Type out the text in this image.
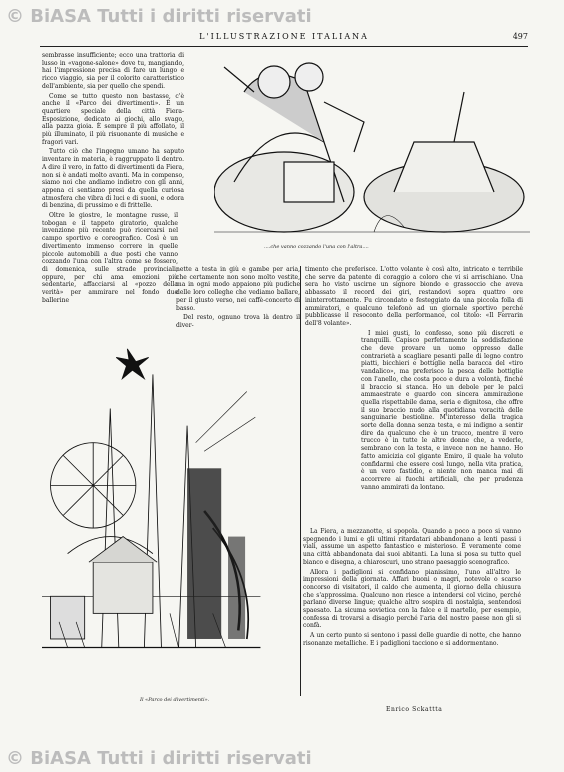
© BiASA Tutti i diritti riservati
© BiASA Tutti i diritti riservati
L'ILLUSTRAZIONE ITALIANA	497

sembrasse insufficiente; ecco una trattoria di lusso in «vagone-salone» dove tu, mangiando, hai l'impressione precisa di fare un lungo e ricco viaggio, sia per il colorito caratteristico dell'ambiente, sia per quello che spendi.

Come se tutto questo non bastasse, c'è anche il «Parco dei divertimenti». È un quartiere speciale della città Fiera-Esposizione, dedicato ai giochi, allo svago, alla pazza gioia. È sempre il più affollato, il più illuminato, il più risuonante di musiche e fragori vari.

Tutto ciò che l'ingegno umano ha saputo inventare in materia, è raggruppato lì dentro. A dire il vero, in fatto di divertimenti da Fiera, non si è andati molto avanti. Ma in compenso, siamo noi che andiamo indietro con gli anni, appena ci sentiamo presi da quella curiosa atmosfera che vibra di luci e di suoni, e odora di benzina, di prussimo e di frittelle.

Oltre le giostre, le montagne russe, il tobogan e il tappeto giratorio, qualche invenzione più recente può ricercarsi nel campo sportivo e coreografico. Così è un divertimento immenso correre in quelle piccole automobili a due posti che vanno cozzando l'una con l'altra come se fossero, di domenica, sulle strade provinciali; oppure, per chi ama emozioni più sedentarie, affacciarsi al «pozzo della verità» per ammirare nel fondo due ballerine

....che vanno cozzando l'una con l'altra....

nette a testa in giù e gambe per aria, che certamente non sono molto vestite, ma in ogni modo appaiono più pudiche delle loro colleghe che vediamo ballare, per il giusto verso, nei caffè-concerto di basso.

Del resto, ognuno trova là dentro il diver-

timento che preferisce. L'otto volante è così alto, intricato e terribile che serve da patente di coraggio a coloro che vi si arrischiano. Una sera ho visto uscirne un signore biondo e grassoccio che aveva abbassato il record dei giri, restandovi sopra quattro ore ininterrottamente. Fu circondato e festeggiato da una piccola folla di ammiratori, e qualcuno telefonò ad un giornale sportivo perché pubblicasse il resoconto della performance, col titolo: «Il Ferrarin dell'8 volante».

I miei gusti, lo confesso, sono più discreti e tranquilli. Capisco perfettamente la soddisfazione che deve provare un uomo oppresso dalle contrarietà a scagliare pesanti palle di legno contro piatti, bicchieri e bottiglie nella baracca del «tiro vandalico», ma preferisco la pesca delle bottiglie con l'anello, che costa poco e dura a volontà, finché il braccio si stanca. Ho un debole per le palci ammaestrate e guardo con sincera ammirazione quella rispettabile dama, seria e dignitosa, che offre il suo braccio nudo alla quotidiana voracità delle sanguinarie bestioline. M'interesso della tragica sorte della donna senza testa, e mi indigno a sentir dire da qualcuno che è un trucco, mentre il vero trucco è in tutte le altre donne che, a vederle, sembrano con la testa, e invece non ne hanno. Ho fatto amicizia col gigante Emiro, il quale ha voluto confidarmi che essere così lungo, nella vita pratica, è un vero fastidio, e niente non manca mai di accorrere ai fuochi artificiali, che per prudenza vanno ammirati da lontano.

La Fiera, a mezzanotte, si spopola. Quando a poco a poco si vanno spegnendo i lumi e gli ultimi ritardatari abbandonano a lenti passi i viali, assume un aspetto fantastico e misterioso. È veramente come una città abbandonata dai suoi abitanti. La luna si posa su tutto quel bianco e disegna, a chiaroscuri, uno strano paesaggio scenografico.

Allora i padiglioni si confidano pianissimo, l'uno all'altro le impressioni della giornata. Affari buoni o magri, notevole o scarso concorso di visitatori, il caldo che aumenta, il giorno della chiusura che s'approssima. Qualcuno non riesce a intendersi col vicino, perché parlano diverse lingue; qualche altro sospira di nostalgia, sentendosi spaesato. La sicuma sovietica con la falce e il martello, per esempio, confessa di trovarsi a disagio perché l'aria del nostro paese non gli si confà.

A un certo punto si sentono i passi delle guardie di notte, che hanno risonanze metalliche. E i padiglioni tacciono e si addormentano.

Il «Parco dei divertimenti».
Enrico Sckattta
